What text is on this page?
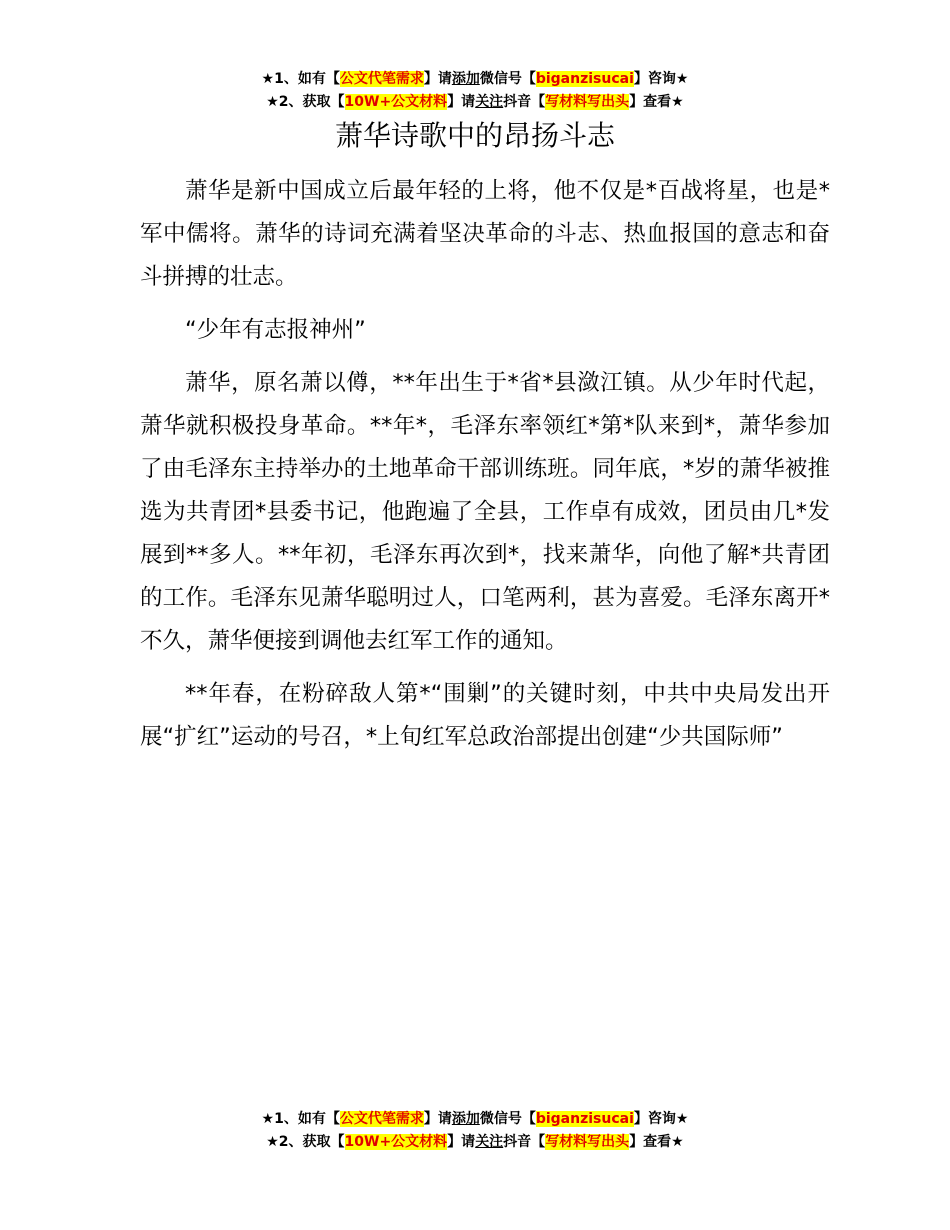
★1、如有【公文代笔需求】请添加微信号【biganzisucai】咨询★
★2、获取【10W+公文材料】请关注抖音【写材料写出头】查看★
萧华诗歌中的昂扬斗志

萧华是新中国成立后最年轻的上将，他不仅是*百战将星，也是*军中儒将。萧华的诗词充满着坚决革命的斗志、热血报国的意志和奋斗拼搏的壮志。

“少年有志报神州”

萧华，原名萧以僔，**年出生于*省*县潋江镇。从少年时代起，萧华就积极投身革命。**年*，毛泽东率领红*第*队来到*，萧华参加了由毛泽东主持举办的土地革命干部训练班。同年底，*岁的萧华被推选为共青团*县委书记，他跑遍了全县，工作卓有成效，团员由几*发展到**多人。**年初，毛泽东再次到*，找来萧华，向他了解*共青团的工作。毛泽东见萧华聪明过人，口笔两利，甚为喜爱。毛泽东离开*不久，萧华便接到调他去红军工作的通知。

**年春，在粉碎敌人第*“围剿”的关键时刻，中共中央局发出开展“扩红”运动的号召，*上旬红军总政治部提出创建“少共国际师”

★1、如有【公文代笔需求】请添加微信号【biganzisucai】咨询★
★2、获取【10W+公文材料】请关注抖音【写材料写出头】查看★
